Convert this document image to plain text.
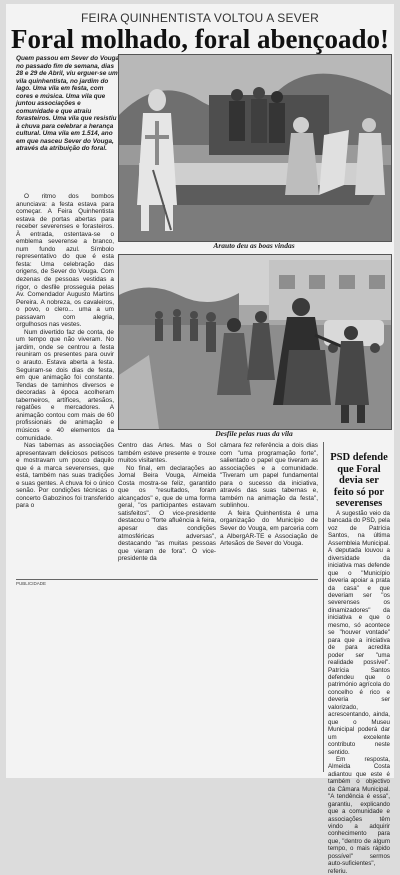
FEIRA QUINHENTISTA VOLTOU A SEVER
Foral molhado, foral abençoado!
Quem passou em Sever do Vouga no passado fim de semana, dias 28 e 29 de Abril, viu erguer-se um vila quinhentista, no jardim do lago. Uma vila em festa, com cores e música. Uma vila que juntou associações e comunidade e que atraiu forasteiros. Uma vila que resistiu à chuva para celebrar a herança cultural. Uma vila em 1.514, ano em que nasceu Sever do Vouga, através da atribuição do foral.
Arauto deu as boas vindas
Desfile pelas ruas da vila

O ritmo dos bombos anunciava: a festa estava para começar. A Feira Quinhentista estava de portas abertas para receber severenses e forasteiros. À entrada, ostentava-se o emblema severense a branco, num fundo azul. Símbolo representativo do que é esta festa: Uma celebração das origens, de Sever do Vouga. Com dezenas de pessoas vestidas a rigor, o desfile prosseguia pelas Av. Comendador Augusto Martins Pereira. A nobreza, os cavaleiros, o povo, o clero... uma a um passavam com alegria, orgulhosos nas vestes.

Num divertido faz de conta, de um tempo que não viveram. No jardim, onde se centrou a festa reuniram os presentes para ouvir o arauto. Estava aberta a festa. Seguiram-se dois dias de festa, em que animação foi constante. Tendas de taminhos diversos e decoradas à época acolheram taberneiros, artífices, artesãos, regatões e mercadores. A animação contou com mais de 60 profissionais de animação e músicos e 40 elementos da comunidade.

Nas tabernas as associações apresentavam deliciosos petiscos e mostravam um pouco daquilo que é a marca severenses, que está, também nas suas tradições e suas gentes. A chuva foi o único senão. Por condições técnicas o concerto Gabozinos foi transferido para o

Centro das Artes. Mas o Sol também esteve presente e trouxe muitos visitantes.

No final, em declarações ao Jornal Beira Vouga, Almeida Costa mostra-se feliz, garantido que os "resultados, foram alcançados" e, que de uma forma geral, "os participantes estavam satisfeitos". O vice-presidente destacou o "forte afluência à feira, apesar das condições atmosféricas adversas", destacando "as muitas pessoas que vieram de fora". O vice-presidente da

câmara fez referência a dois dias com "uma programação forte", salientado o papel que tiveram as associações e a comunidade. "Tiveram um papel fundamental para o sucesso da iniciativa, através das suas tabernas e, também na animação da festa", sublinhou.

A feira Quinhentista é uma organização do Município de Sever do Vouga, em parceria com a AlbergAR-TE e Associação de Artesãos de Sever do Vouga.

PUBLICIDADE
PSD defende que Foral devia ser feito só por severenses

A sugestão veio da bancada do PSD, pela voz de Patrícia Santos, na última Assembleia Municipal. A deputada louvou a diversidade da iniciativa mas defende que o "Município deveria apoiar a prata da casa" e que deveriam ser "os severenses os dinamizadores" da iniciativa e que o mesmo, só acontece se "houver vontade" para que a iniciativa de para acredita poder ser "uma realidade possível". Patrícia Santos defendeu que o património agrícola do concelho é rico e deveria ser valorizado, acrescentando, ainda, que o Museu Municipal poderá dar um excelente contributo neste sentido.

Em resposta, Almeida Costa adiantou que este é também o objectivo da Câmara Municipal. "A tendência é essa", garantiu, explicando que a comunidade e associações têm vindo a adquirir conhecimento para que, "dentro de algum tempo, o mais rápido possível" sermos auto-suficientes", referiu.
